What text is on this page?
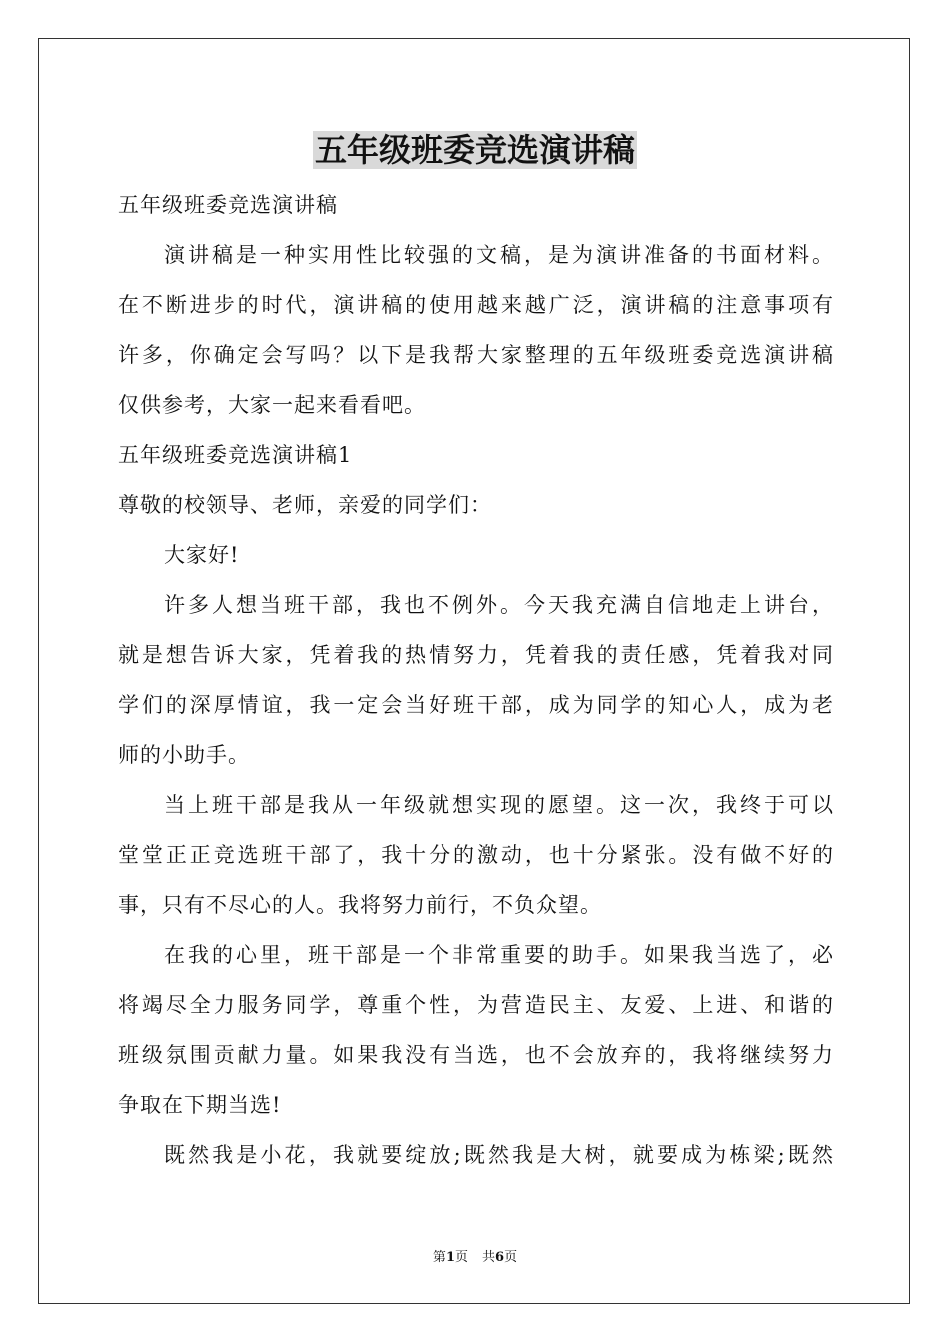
五年级班委竞选演讲稿

五年级班委竞选演讲稿

演讲稿是一种实用性比较强的文稿，是为演讲准备的书面材料。

在不断进步的时代，演讲稿的使用越来越广泛，演讲稿的注意事项有

许多，你确定会写吗？以下是我帮大家整理的五年级班委竞选演讲稿

仅供参考，大家一起来看看吧。

五年级班委竞选演讲稿1

尊敬的校领导、老师，亲爱的同学们：

大家好!

许多人想当班干部，我也不例外。今天我充满自信地走上讲台，

就是想告诉大家，凭着我的热情努力，凭着我的责任感，凭着我对同

学们的深厚情谊，我一定会当好班干部，成为同学的知心人，成为老

师的小助手。

当上班干部是我从一年级就想实现的愿望。这一次，我终于可以

堂堂正正竞选班干部了，我十分的激动，也十分紧张。没有做不好的

事，只有不尽心的人。我将努力前行，不负众望。

在我的心里，班干部是一个非常重要的助手。如果我当选了，必

将竭尽全力服务同学，尊重个性，为营造民主、友爱、上进、和谐的

班级氛围贡献力量。如果我没有当选，也不会放弃的，我将继续努力

争取在下期当选!

既然我是小花，我就要绽放;既然我是大树，就要成为栋梁;既然

第1页 共6页
